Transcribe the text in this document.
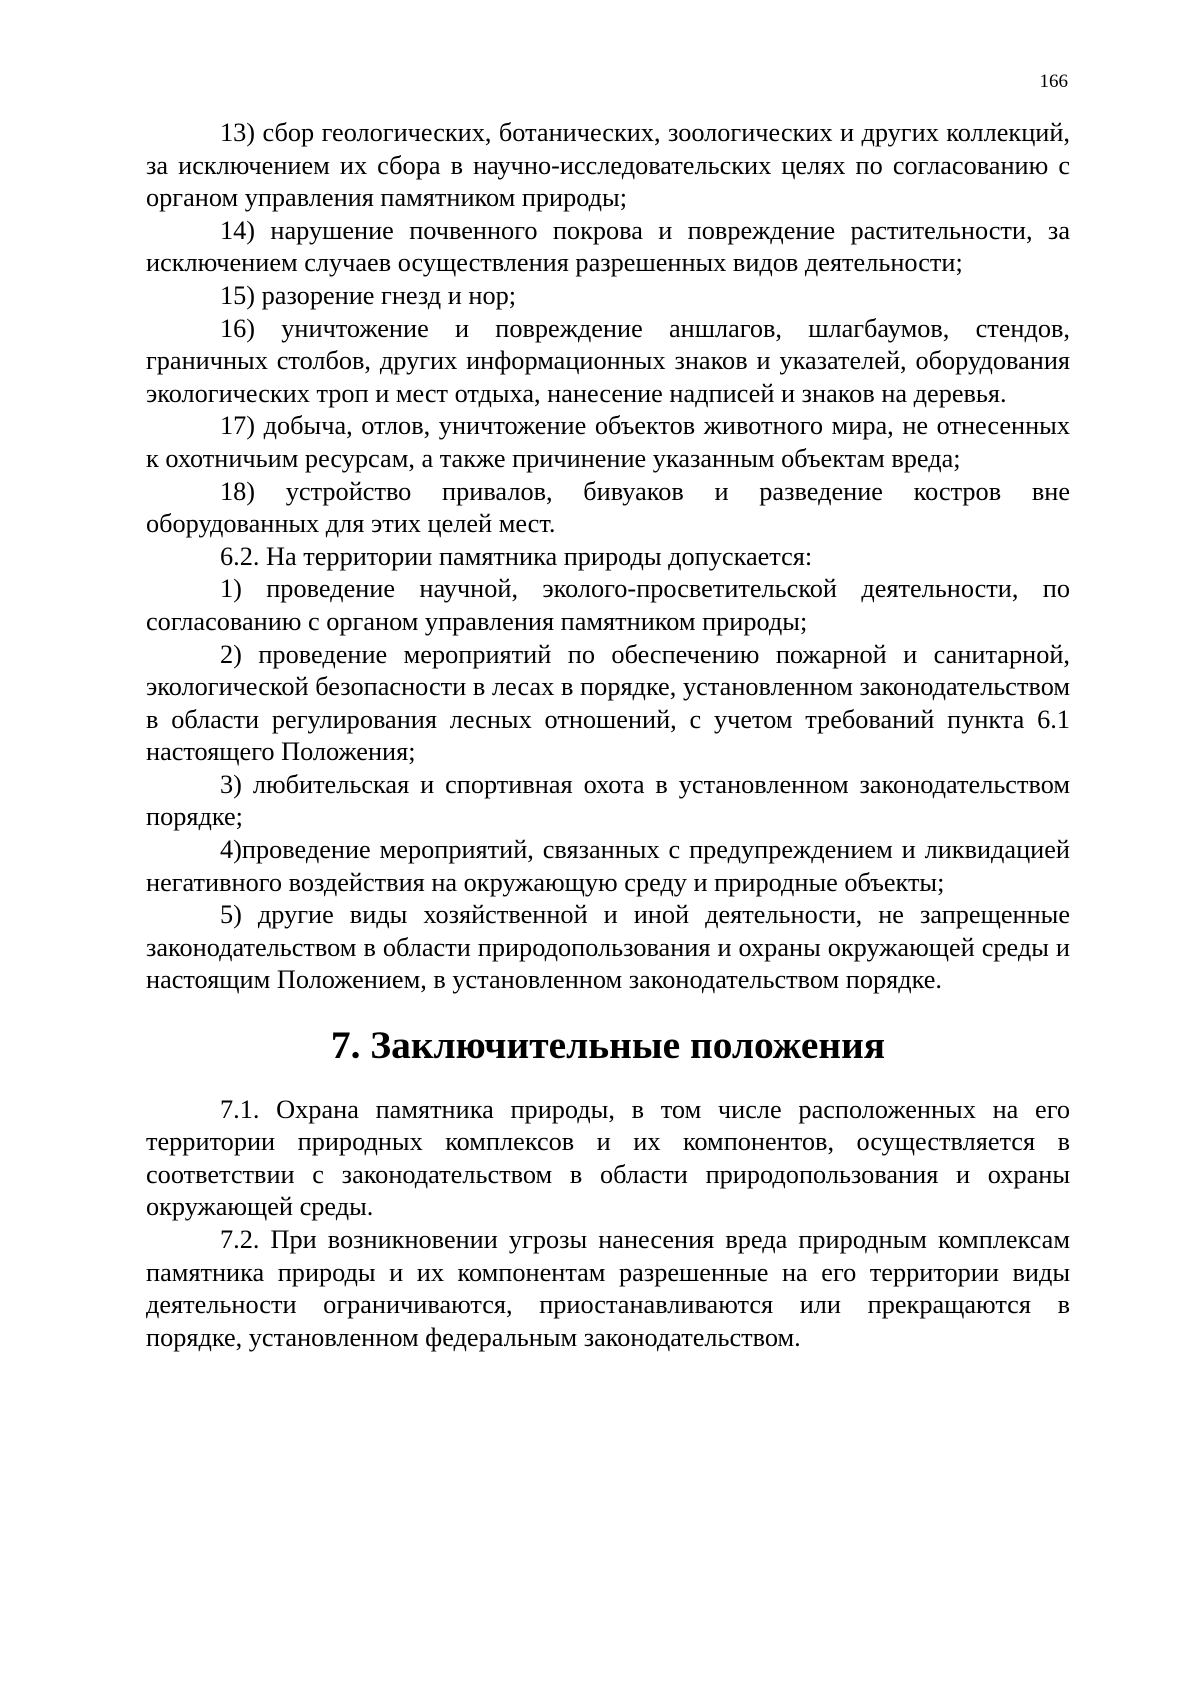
166

13) сбор геологических, ботанических, зоологических и других коллекций, за исключением их сбора в научно-исследовательских целях по согласованию с органом управления памятником природы;

14) нарушение почвенного покрова и повреждение растительности, за исключением случаев осуществления разрешенных видов деятельности;

15) разорение гнезд и нор;

16) уничтожение и повреждение аншлагов, шлагбаумов, стендов, граничных столбов, других информационных знаков и указателей, оборудования экологических троп и мест отдыха, нанесение надписей и знаков на деревья.

17) добыча, отлов, уничтожение объектов животного мира, не отнесенных к охотничьим ресурсам, а также причинение указанным объектам вреда;

18) устройство привалов, бивуаков и разведение костров вне оборудованных для этих целей мест.

6.2. На территории памятника природы допускается:

1) проведение научной, эколого-просветительской деятельности, по согласованию с органом управления памятником природы;

2) проведение мероприятий по обеспечению пожарной и санитарной, экологической безопасности в лесах в порядке, установленном законодательством в области регулирования лесных отношений, с учетом требований пункта 6.1 настоящего Положения;

3) любительская и спортивная охота в установленном законодательством порядке;

4)проведение мероприятий, связанных с предупреждением и ликвидацией негативного воздействия на окружающую среду и природные объекты;

5) другие виды хозяйственной и иной деятельности, не запрещенные законодательством в области природопользования и охраны окружающей среды и настоящим Положением, в установленном законодательством порядке.

7. Заключительные положения

7.1. Охрана памятника природы, в том числе расположенных на его территории природных комплексов и их компонентов, осуществляется в соответствии с законодательством в области природопользования и охраны окружающей среды.

7.2. При возникновении угрозы нанесения вреда природным комплексам памятника природы и их компонентам разрешенные на его территории виды деятельности ограничиваются, приостанавливаются или прекращаются в порядке, установленном федеральным законодательством.
